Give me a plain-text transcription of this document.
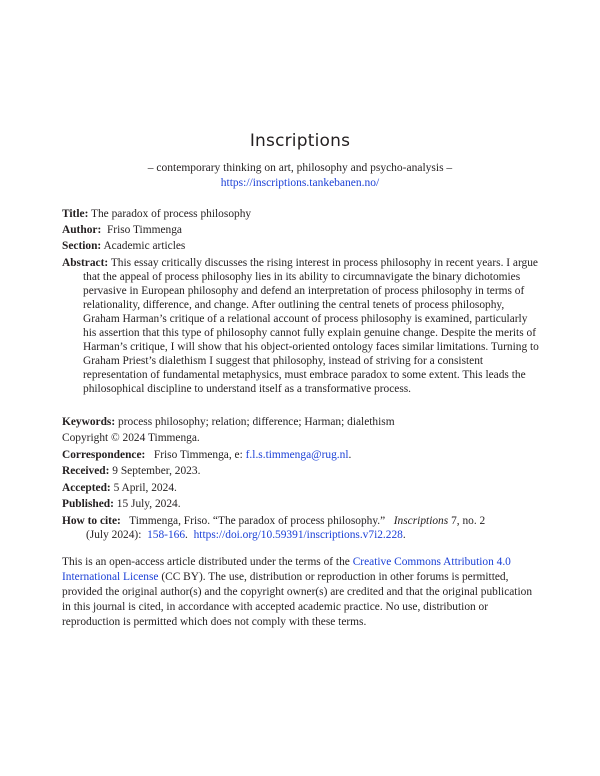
Inscriptions
– contemporary thinking on art, philosophy and psycho-analysis –
https://inscriptions.tankebanen.no/
Title: The paradox of process philosophy
Author: Friso Timmenga
Section: Academic articles
Abstract: This essay critically discusses the rising interest in process philosophy in recent years. I argue that the appeal of process philosophy lies in its ability to circumnavigate the binary dichotomies pervasive in European philosophy and defend an interpretation of process philosophy in terms of relationality, difference, and change. After outlining the central tenets of process philosophy, Graham Harman’s critique of a relational account of process philosophy is examined, particularly his assertion that this type of philosophy cannot fully explain genuine change. Despite the merits of Harman’s critique, I will show that his object-oriented ontology faces similar limitations. Turning to Graham Priest’s dialethism I suggest that philosophy, instead of striving for a consistent representation of fundamental metaphysics, must embrace paradox to some extent. This leads the philosophical discipline to understand itself as a transformative process.
Keywords: process philosophy; relation; difference; Harman; dialethism
Copyright © 2024 Timmenga.
Correspondence: Friso Timmenga, e: f.l.s.timmenga@rug.nl.
Received: 9 September, 2023.
Accepted: 5 April, 2024.
Published: 15 July, 2024.
How to cite: Timmenga, Friso. “The paradox of process philosophy.” Inscriptions 7, no. 2
(July 2024): 158-166. https://doi.org/10.59391/inscriptions.v7i2.228.
This is an open-access article distributed under the terms of the Creative Commons Attribution 4.0 International License (CC BY). The use, distribution or reproduction in other forums is permitted, provided the original author(s) and the copyright owner(s) are credited and that the original publication in this journal is cited, in accordance with accepted academic practice. No use, distribution or reproduction is permitted which does not comply with these terms.
